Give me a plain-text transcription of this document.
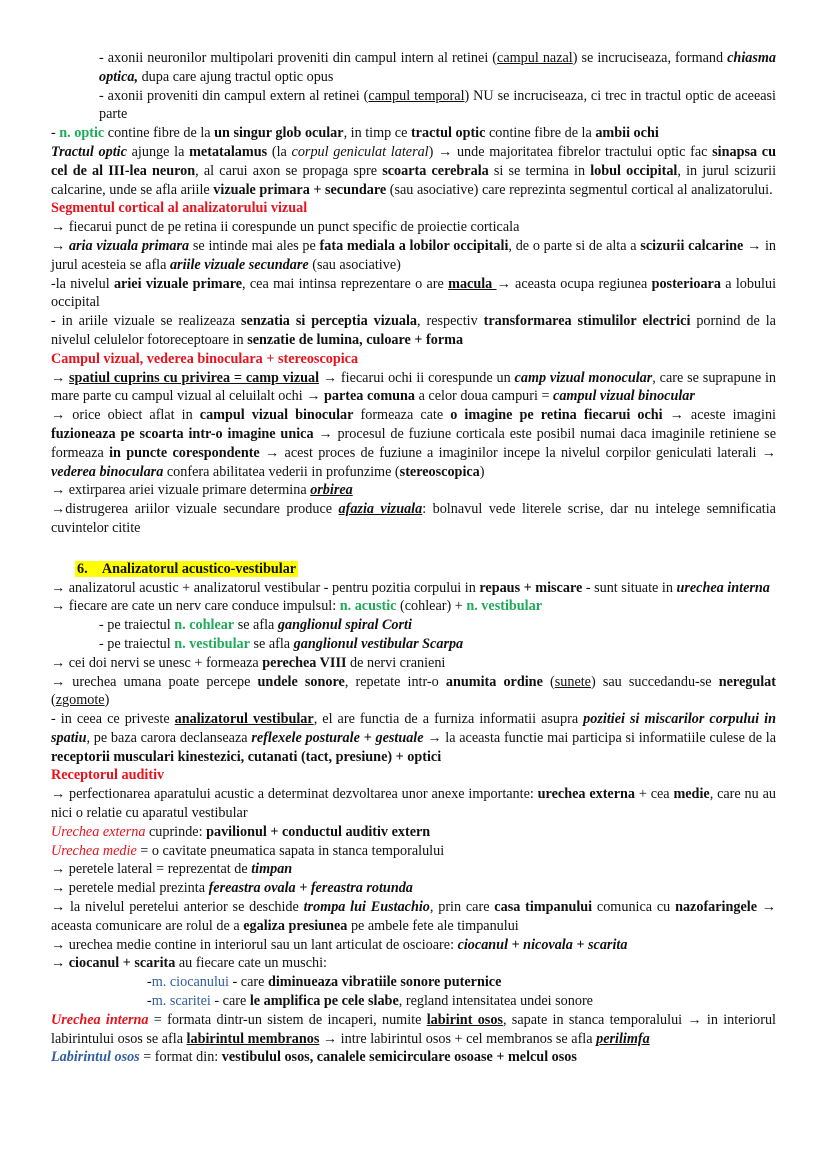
- axonii neuronilor multipolari proveniti din campul intern al retinei (campul nazal) se incruciseaza, formand chiasma optica, dupa care ajung tractul optic opus

- axonii proveniti din campul extern al retinei (campul temporal) NU se incruciseaza, ci trec in tractul optic de aceeasi parte

- n. optic contine fibre de la un singur glob ocular, in timp ce tractul optic contine fibre de la ambii ochi

Tractul optic ajunge la metatalamus (la corpul geniculat lateral) → unde majoritatea fibrelor tractului optic fac sinapsa cu cel de al III-lea neuron, al carui axon se propaga spre scoarta cerebrala si se termina in lobul occipital, in jurul scizurii calcarine, unde se afla ariile vizuale primara + secundare (sau asociative) care reprezinta segmentul cortical al analizatorului.

Segmentul cortical al analizatorului vizual

→ fiecarui punct de pe retina ii corespunde un punct specific de proiectie corticala

→ aria vizuala primara se intinde mai ales pe fata mediala a lobilor occipitali, de o parte si de alta a scizurii calcarine → in jurul acesteia se afla ariile vizuale secundare (sau asociative)

-la nivelul ariei vizuale primare, cea mai intinsa reprezentare o are macula → aceasta ocupa regiunea posterioara a lobului occipital

- in ariile vizuale se realizeaza senzatia si perceptia vizuala, respectiv transformarea stimulilor electrici pornind de la nivelul celulelor fotoreceptoare in senzatie de lumina, culoare + forma

Campul vizual, vederea binoculara + stereoscopica

→ spatiul cuprins cu privirea = camp vizual → fiecarui ochi ii corespunde un camp vizual monocular, care se suprapune in mare parte cu campul vizual al celuilalt ochi → partea comuna a celor doua campuri = campul vizual binocular

→ orice obiect aflat in campul vizual binocular formeaza cate o imagine pe retina fiecarui ochi → aceste imagini fuzioneaza pe scoarta intr-o imagine unica → procesul de fuziune corticala este posibil numai daca imaginile retiniene se formeaza in puncte corespondente → acest proces de fuziune a imaginilor incepe la nivelul corpilor geniculati laterali → vederea binoculara confera abilitatea vederii in profunzime (stereoscopica)

→ extirparea ariei vizuale primare determina orbirea

→distrugerea ariilor vizuale secundare produce afazia vizuala: bolnavul vede literele scrise, dar nu intelege semnificatia cuvintelor citite

6. Analizatorul acustico-vestibular

→ analizatorul acustic + analizatorul vestibular - pentru pozitia corpului in repaus + miscare - sunt situate in urechea interna

→ fiecare are cate un nerv care conduce impulsul: n. acustic (cohlear) + n. vestibular

- pe traiectul n. cohlear se afla ganglionul spiral Corti

- pe traiectul n. vestibular se afla ganglionul vestibular Scarpa

→ cei doi nervi se unesc + formeaza perechea VIII de nervi cranieni

→ urechea umana poate percepe undele sonore, repetate intr-o anumita ordine (sunete) sau succedandu-se neregulat (zgomote)

- in ceea ce priveste analizatorul vestibular, el are functia de a furniza informatii asupra pozitiei si miscarilor corpului in spatiu, pe baza carora declanseaza reflexele posturale + gestuale → la aceasta functie mai participa si informatiile culese de la receptorii musculari kinestezici, cutanati (tact, presiune) + optici

Receptorul auditiv

→ perfectionarea aparatului acustic a determinat dezvoltarea unor anexe importante: urechea externa + cea medie, care nu au nici o relatie cu aparatul vestibular

Urechea externa cuprinde: pavilionul + conductul auditiv extern

Urechea medie = o cavitate pneumatica sapata in stanca temporalului

→ peretele lateral = reprezentat de timpan

→ peretele medial prezinta fereastra ovala + fereastra rotunda

→ la nivelul peretelui anterior se deschide trompa lui Eustachio, prin care casa timpanului comunica cu nazofaringele → aceasta comunicare are rolul de a egaliza presiunea pe ambele fete ale timpanului

→ urechea medie contine in interiorul sau un lant articulat de oscioare: ciocanul + nicovala + scarita

→ ciocanul + scarita au fiecare cate un muschi:

-m. ciocanului - care diminueaza vibratiile sonore puternice

-m. scaritei - care le amplifica pe cele slabe, regland intensitatea undei sonore

Urechea interna = formata dintr-un sistem de incaperi, numite labirint osos, sapate in stanca temporalului → in interiorul labirintului osos se afla labirintul membranos → intre labirintul osos + cel membranos se afla perilimfa

Labirintul osos = format din: vestibulul osos, canalele semicirculare osoase + melcul osos
